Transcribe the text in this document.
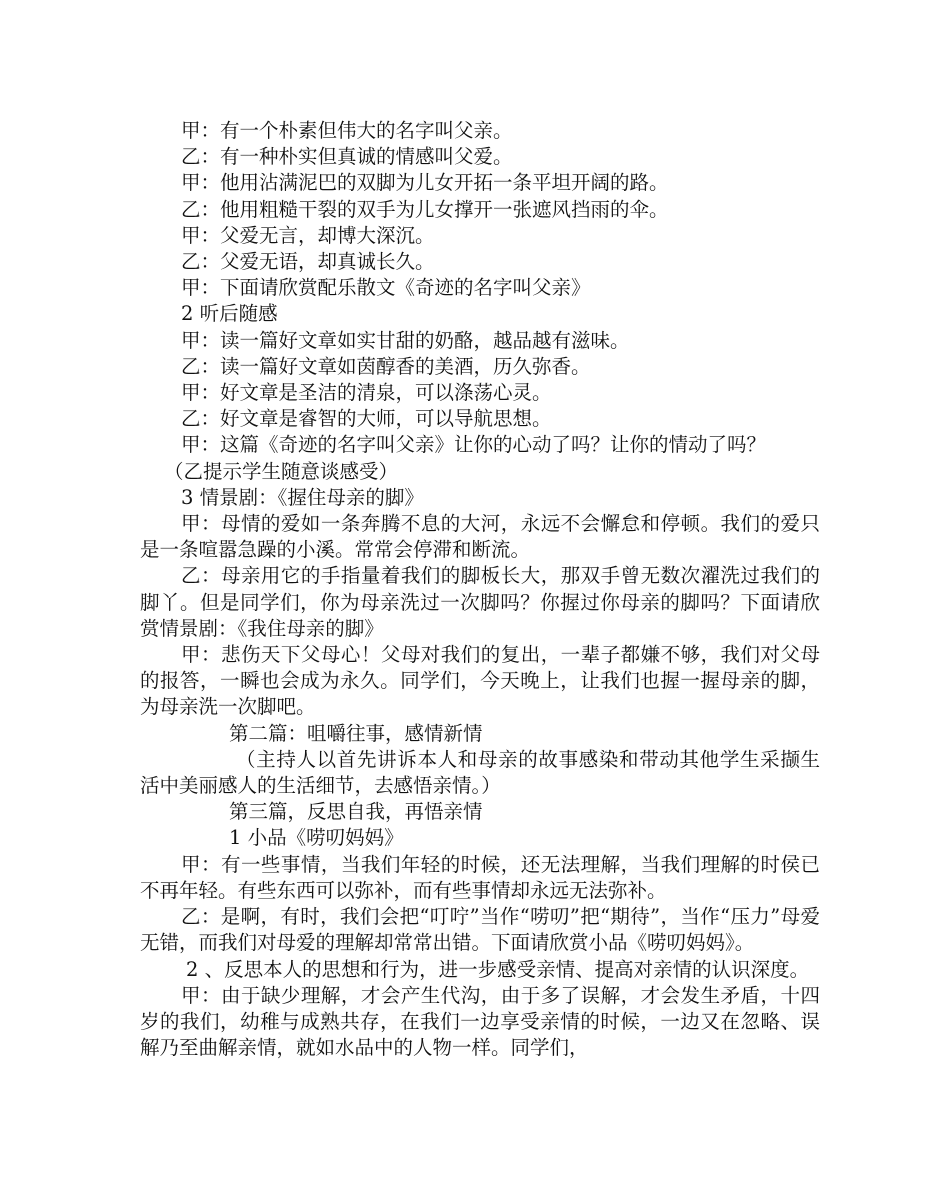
甲：有一个朴素但伟大的名字叫父亲。

乙：有一种朴实但真诚的情感叫父爱。

甲：他用沾满泥巴的双脚为儿女开拓一条平坦开阔的路。

乙：他用粗糙干裂的双手为儿女撑开一张遮风挡雨的伞。

甲：父爱无言，却博大深沉。

乙：父爱无语，却真诚长久。

甲：下面请欣赏配乐散文《奇迹的名字叫父亲》

2 听后随感

甲：读一篇好文章如实甘甜的奶酪，越品越有滋味。

乙：读一篇好文章如茵醇香的美酒，历久弥香。

甲：好文章是圣洁的清泉，可以涤荡心灵。

乙：好文章是睿智的大师，可以导航思想。

甲：这篇《奇迹的名字叫父亲》让你的心动了吗？让你的情动了吗？

（乙提示学生随意谈感受）

3 情景剧：《握住母亲的脚》

甲：母情的爱如一条奔腾不息的大河，永远不会懈怠和停顿。我们的爱只是一条喧嚣急躁的小溪。常常会停滞和断流。

乙：母亲用它的手指量着我们的脚板长大，那双手曾无数次濯洗过我们的脚丫。但是同学们，你为母亲洗过一次脚吗？你握过你母亲的脚吗？下面请欣赏情景剧：《我住母亲的脚》

甲：悲伤天下父母心！父母对我们的复出，一辈子都嫌不够，我们对父母的报答，一瞬也会成为永久。同学们，今天晚上，让我们也握一握母亲的脚，为母亲洗一次脚吧。

第二篇：咀嚼往事，感情新情

（主持人以首先讲诉本人和母亲的故事感染和带动其他学生采撷生活中美丽感人的生活细节，去感悟亲情。）

第三篇，反思自我，再悟亲情

1 小品《唠叨妈妈》

甲：有一些事情，当我们年轻的时候，还无法理解，当我们理解的时侯已不再年轻。有些东西可以弥补，而有些事情却永远无法弥补。

乙：是啊，有时，我们会把“叮咛”当作“唠叨”把“期待”，当作“压力”母爱无错，而我们对母爱的理解却常常出错。下面请欣赏小品《唠叨妈妈》。

2 、反思本人的思想和行为，进一步感受亲情、提高对亲情的认识深度。

甲：由于缺少理解，才会产生代沟，由于多了误解，才会发生矛盾，十四岁的我们，幼稚与成熟共存，在我们一边享受亲情的时候，一边又在忽略、误解乃至曲解亲情，就如水品中的人物一样。同学们，
